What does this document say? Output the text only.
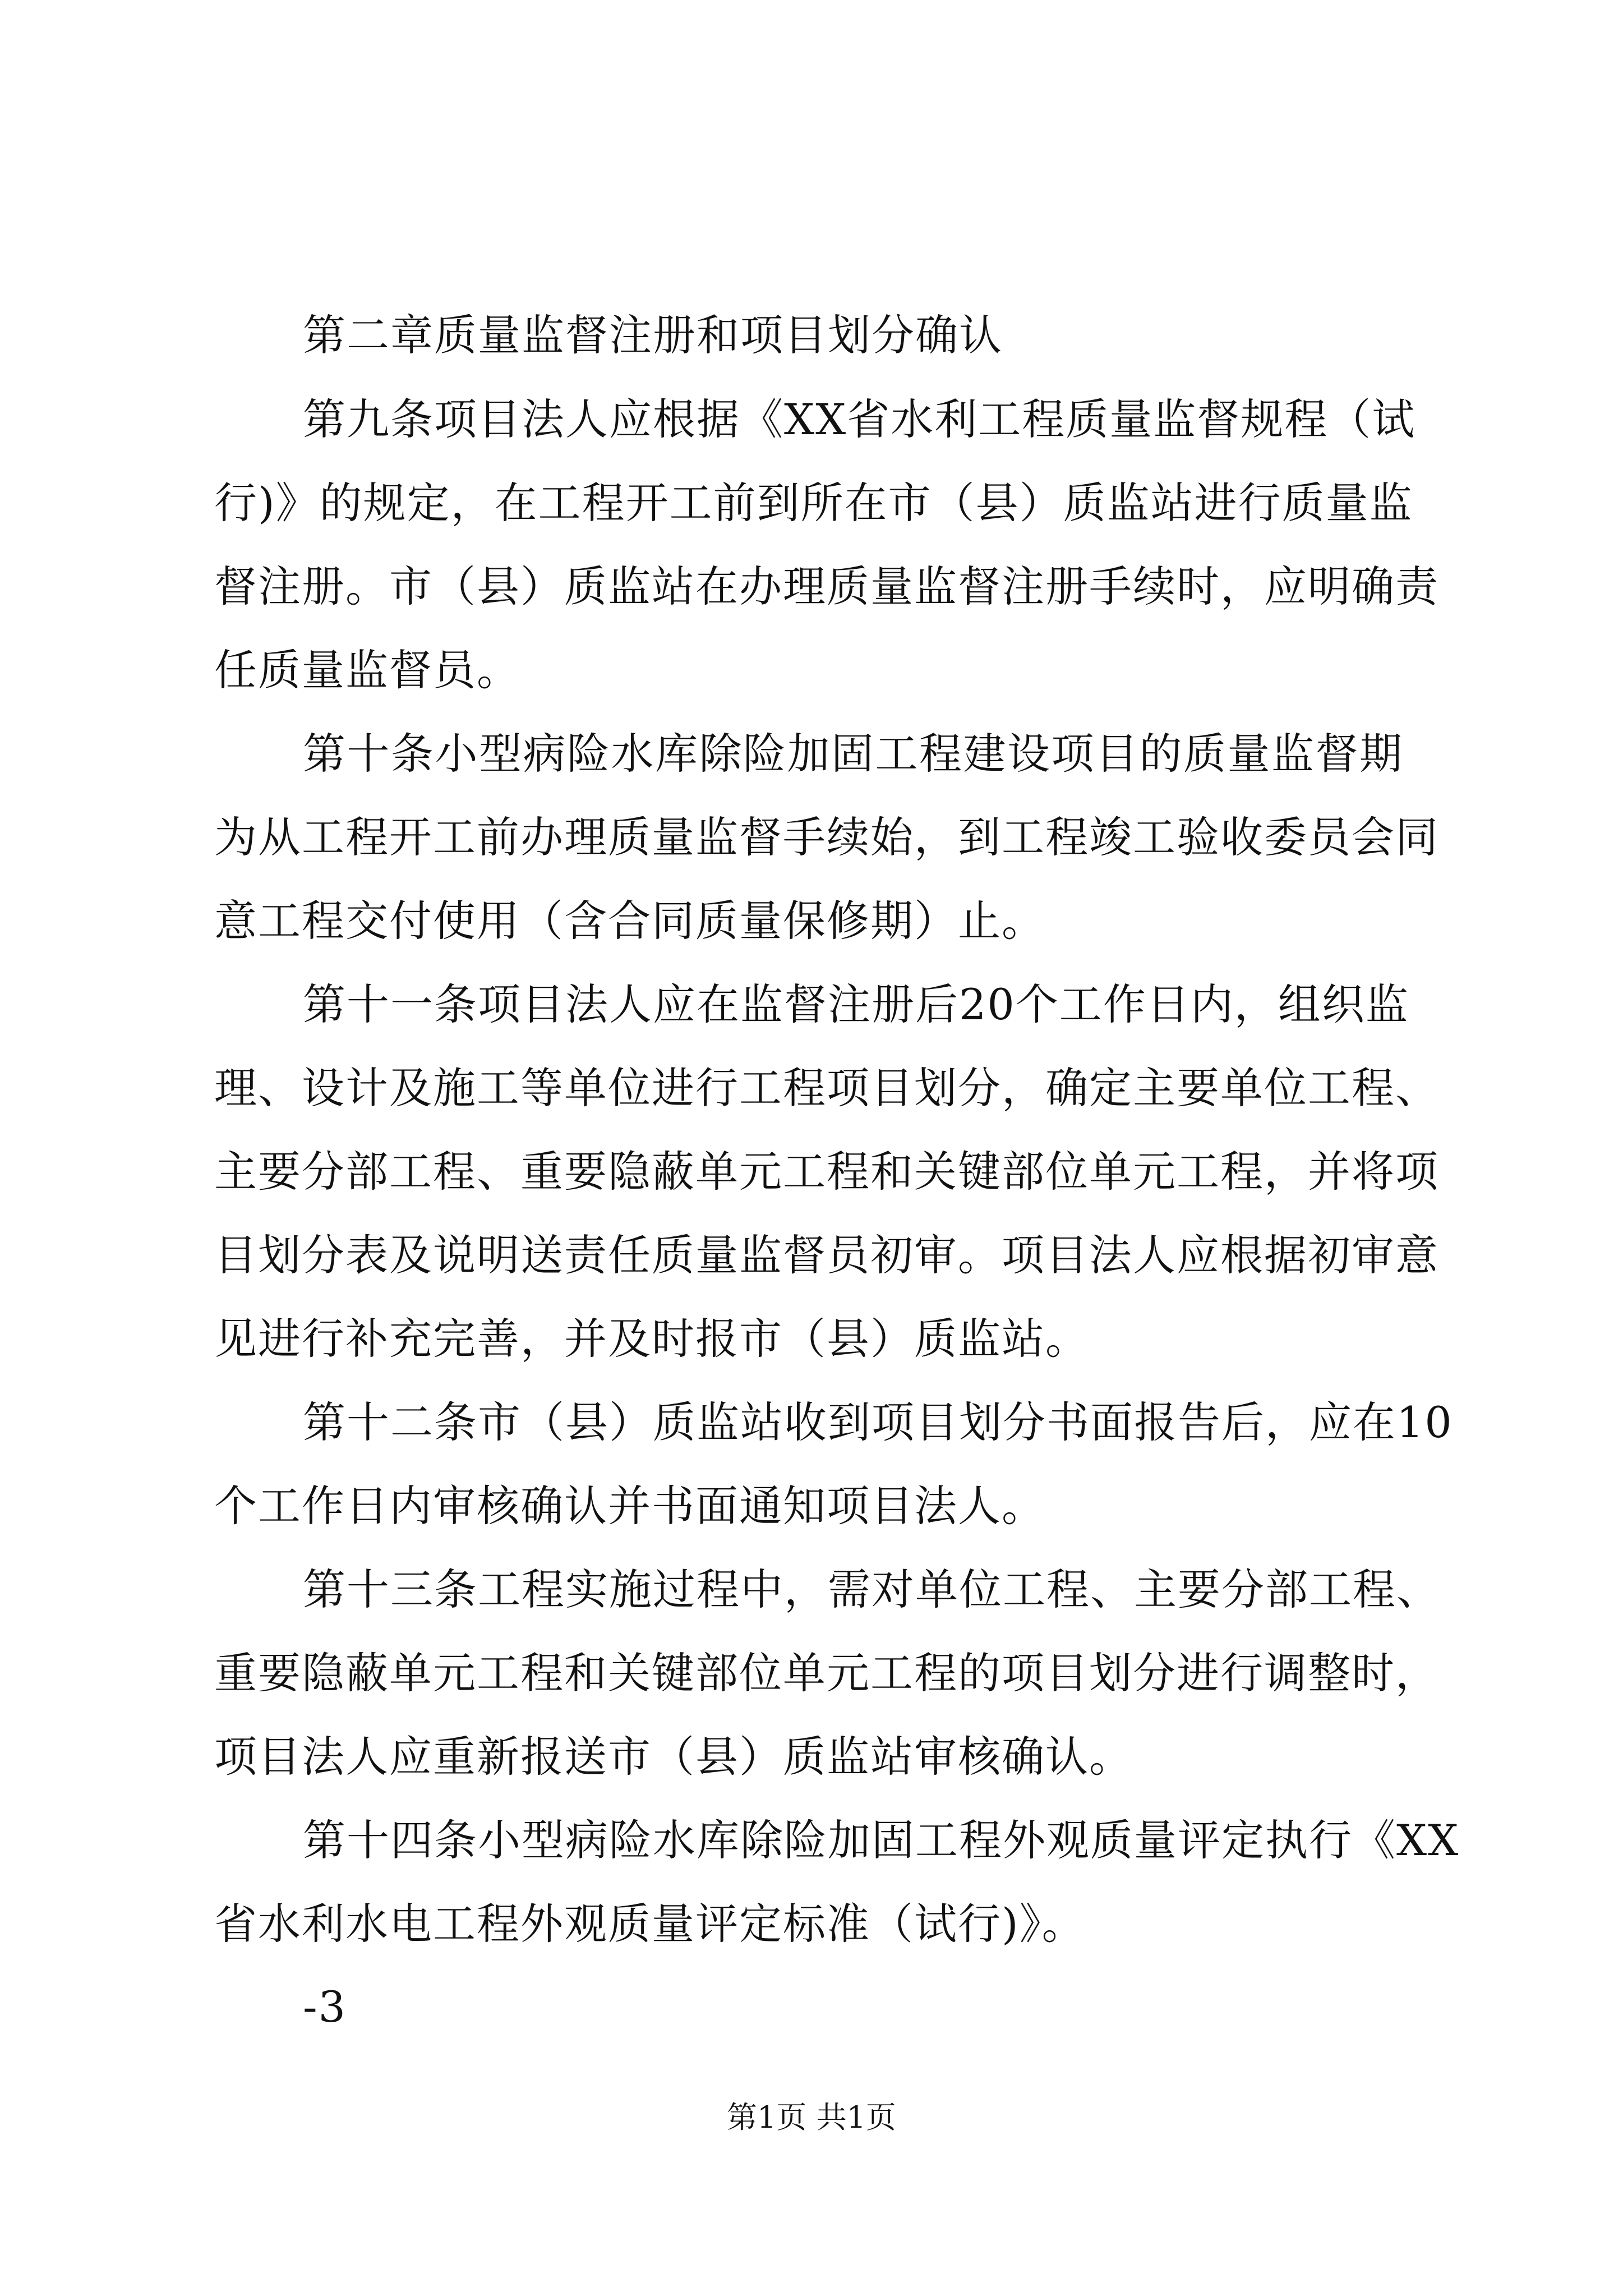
第二章质量监督注册和项目划分确认
第九条项目法人应根据《XX省水利工程质量监督规程（试
行)》的规定，在工程开工前到所在市（县）质监站进行质量监
督注册。市（县）质监站在办理质量监督注册手续时，应明确责
任质量监督员。
第十条小型病险水库除险加固工程建设项目的质量监督期
为从工程开工前办理质量监督手续始，到工程竣工验收委员会同
意工程交付使用（含合同质量保修期）止。
第十一条项目法人应在监督注册后20个工作日内，组织监
理、设计及施工等单位进行工程项目划分，确定主要单位工程、
主要分部工程、重要隐蔽单元工程和关键部位单元工程，并将项
目划分表及说明送责任质量监督员初审。项目法人应根据初审意
见进行补充完善，并及时报市（县）质监站。
第十二条市（县）质监站收到项目划分书面报告后，应在10
个工作日内审核确认并书面通知项目法人。
第十三条工程实施过程中，需对单位工程、主要分部工程、
重要隐蔽单元工程和关键部位单元工程的项目划分进行调整时，
项目法人应重新报送市（县）质监站审核确认。
第十四条小型病险水库除险加固工程外观质量评定执行《XX
省水利水电工程外观质量评定标准（试行)》。
-3
第1页 共1页
